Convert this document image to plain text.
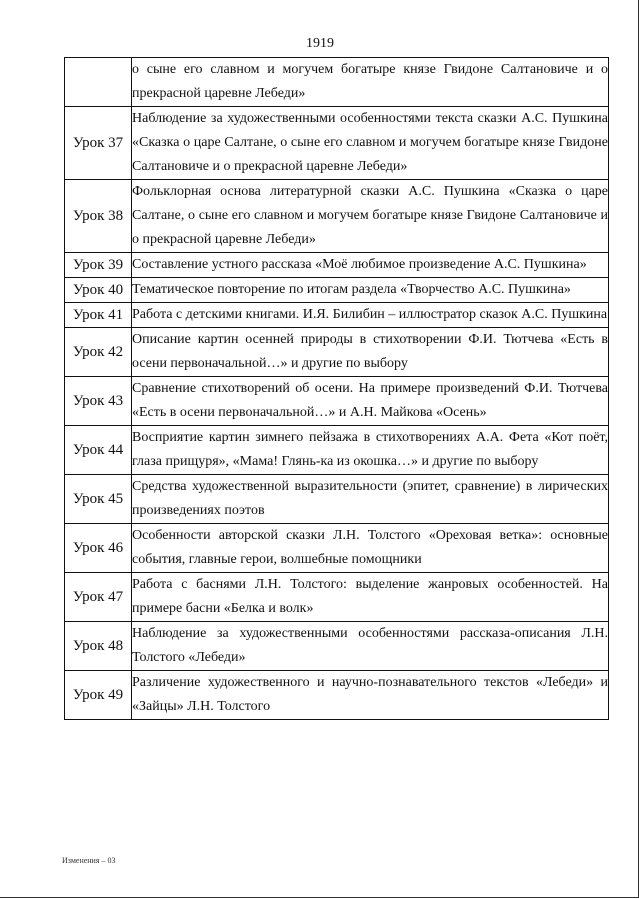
1919
	о сыне его славном и могучем богатыре князе Гвидоне Салтановиче и о прекрасной царевне Лебеди»
Урок 37	Наблюдение за художественными особенностями текста сказки А.С. Пушкина «Сказка о царе Салтане, о сыне его славном и могучем богатыре князе Гвидоне Салтановиче и о прекрасной царевне Лебеди»
Урок 38	Фольклорная основа литературной сказки А.С. Пушкина «Сказка о царе Салтане, о сыне его славном и могучем богатыре князе Гвидоне Салтановиче и о прекрасной царевне Лебеди»
Урок 39	Составление устного рассказа «Моё любимое произведение А.С. Пушкина»
Урок 40	Тематическое повторение по итогам раздела «Творчество А.С. Пушкина»
Урок 41	Работа с детскими книгами. И.Я. Билибин – иллюстратор сказок А.С. Пушкина
Урок 42	Описание картин осенней природы в стихотворении Ф.И. Тютчева «Есть в осени первоначальной…» и другие по выбору
Урок 43	Сравнение стихотворений об осени. На примере произведений Ф.И. Тютчева «Есть в осени первоначальной…» и А.Н. Майкова «Осень»
Урок 44	Восприятие картин зимнего пейзажа в стихотворениях А.А. Фета «Кот поёт, глаза прищуря», «Мама! Глянь-ка из окошка…» и другие по выбору
Урок 45	Средства художественной выразительности (эпитет, сравнение) в лирических произведениях поэтов
Урок 46	Особенности авторской сказки Л.Н. Толстого «Ореховая ветка»: основные события, главные герои, волшебные помощники
Урок 47	Работа с баснями Л.Н. Толстого: выделение жанровых особенностей. На примере басни «Белка и волк»
Урок 48	Наблюдение за художественными особенностями рассказа-описания Л.Н. Толстого «Лебеди»
Урок 49	Различение художественного и научно-познавательного текстов «Лебеди» и «Зайцы» Л.Н. Толстого
Изменения – 03
